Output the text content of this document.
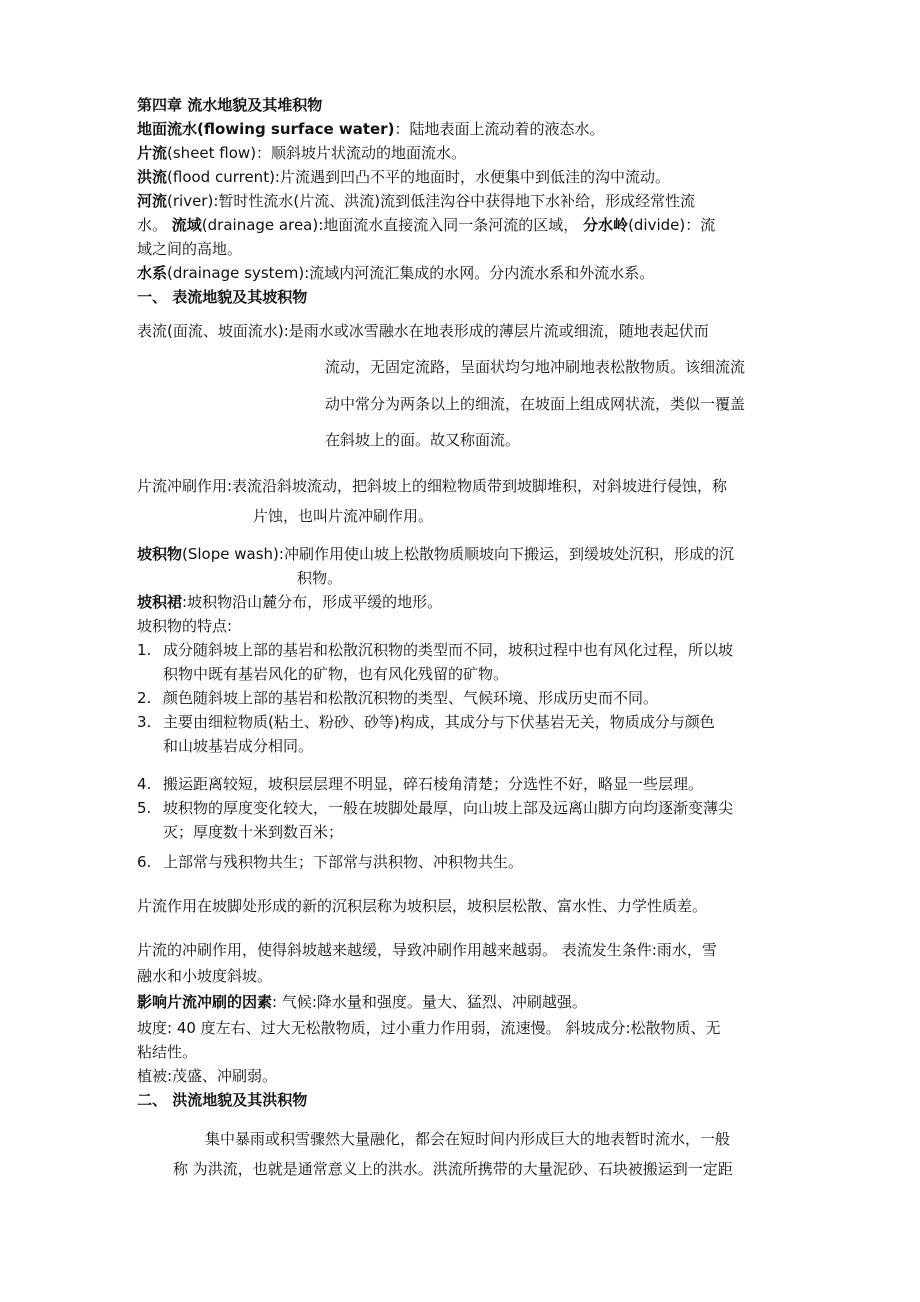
第四章 流水地貌及其堆积物
地面流水(flowing surface water)：陆地表面上流动着的液态水。
片流(sheet flow)：顺斜坡片状流动的地面流水。
洪流(flood current):片流遇到凹凸不平的地面时，水便集中到低洼的沟中流动。
河流(river):暂时性流水(片流、洪流)流到低洼沟谷中获得地下水补给，形成经常性流
水。 流域(drainage area):地面流水直接流入同一条河流的区域， 分水岭(divide)：流
域之间的高地。
水系(drainage system):流域内河流汇集成的水网。分内流水系和外流水系。
一、 表流地貌及其坡积物
表流(面流、坡面流水):是雨水或冰雪融水在地表形成的薄层片流或细流，随地表起伏而
流动，无固定流路，呈面状均匀地冲刷地表松散物质。该细流流
动中常分为两条以上的细流，在坡面上组成网状流，类似一覆盖
在斜坡上的面。故又称面流。
片流冲刷作用:表流沿斜坡流动，把斜坡上的细粒物质带到坡脚堆积，对斜坡进行侵蚀，称
片蚀，也叫片流冲刷作用。
坡积物(Slope wash):冲刷作用使山坡上松散物质顺坡向下搬运，到缓坡处沉积，形成的沉
积物。
坡积裙:坡积物沿山麓分布，形成平缓的地形。
坡积物的特点:
1. 成分随斜坡上部的基岩和松散沉积物的类型而不同，坡积过程中也有风化过程，所以坡
积物中既有基岩风化的矿物，也有风化残留的矿物。
2. 颜色随斜坡上部的基岩和松散沉积物的类型、气候环境、形成历史而不同。
3. 主要由细粒物质(粘土、粉砂、砂等)构成，其成分与下伏基岩无关，物质成分与颜色
和山坡基岩成分相同。
4. 搬运距离较短，坡积层层理不明显，碎石棱角清楚；分选性不好，略显一些层理。
5. 坡积物的厚度变化较大，一般在坡脚处最厚，向山坡上部及远离山脚方向均逐渐变薄尖
灭；厚度数十米到数百米；
6. 上部常与残积物共生；下部常与洪积物、冲积物共生。
片流作用在坡脚处形成的新的沉积层称为坡积层，坡积层松散、富水性、力学性质差。
片流的冲刷作用，使得斜坡越来越缓，导致冲刷作用越来越弱。 表流发生条件:雨水，雪
融水和小坡度斜坡。
影响片流冲刷的因素: 气候:降水量和强度。量大、猛烈、冲刷越强。
坡度: 40 度左右、过大无松散物质，过小重力作用弱，流速慢。 斜坡成分:松散物质、无
粘结性。
植被:茂盛、冲刷弱。
二、 洪流地貌及其洪积物
集中暴雨或积雪骤然大量融化，都会在短时间内形成巨大的地表暂时流水，一般
称 为洪流，也就是通常意义上的洪水。洪流所携带的大量泥砂、石块被搬运到一定距
